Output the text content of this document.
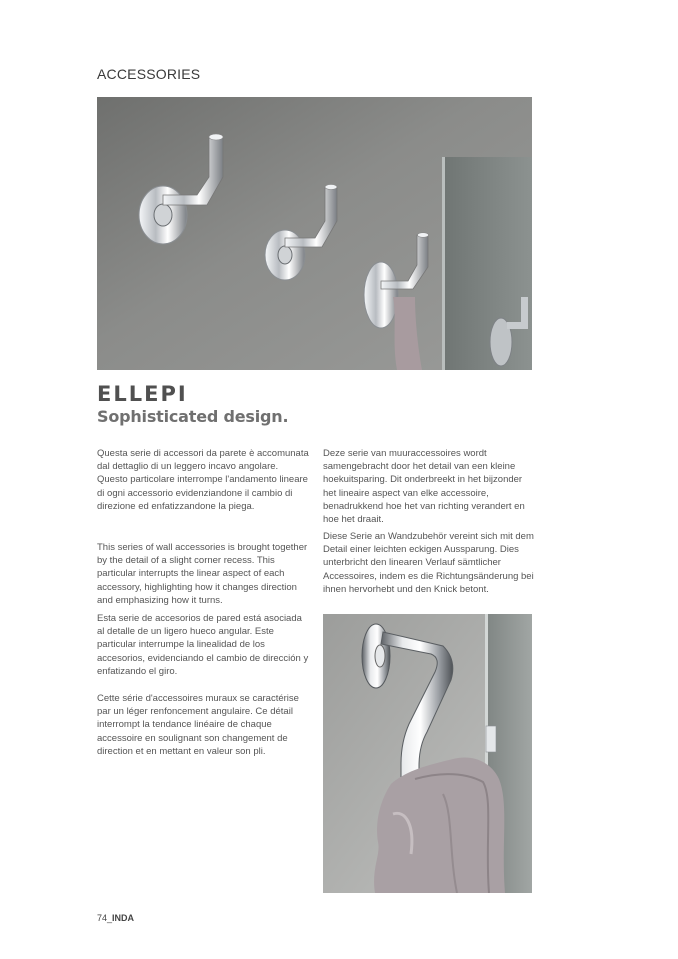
ACCESSORIES
ELLEPI
Sophisticated design.

Questa serie di accessori da parete è accomunata dal dettaglio di un leggero incavo angolare. Questo particolare interrompe l'andamento lineare di ogni accessorio evidenziandone il cambio di direzione ed enfatizzandone la piega.

This series of wall accessories is brought together by the detail of a slight corner recess. This particular interrupts the linear aspect of each accessory, highlighting how it changes direction and emphasizing how it turns.

Esta serie de accesorios de pared está asociada al detalle de un ligero hueco angular. Este particular interrumpe la linealidad de los accesorios, evidenciando el cambio de dirección y enfatizando el giro.

Cette série d'accessoires muraux se caractérise par un léger renfoncement angulaire. Ce détail interrompt la tendance linéaire de chaque accessoire en soulignant son changement de direction et en mettant en valeur son pli.

Deze serie van muuraccessoires wordt samengebracht door het detail van een kleine hoekuitsparing. Dit onderbreekt in het bijzonder het lineaire aspect van elke accessoire, benadrukkend hoe het van richting verandert en hoe het draait.

Diese Serie an Wandzubehör vereint sich mit dem Detail einer leichten eckigen Aussparung. Dies unterbricht den linearen Verlauf sämtlicher Accessoires, indem es die Richtungsänderung bei ihnen hervorhebt und den Knick betont.

74_INDA
